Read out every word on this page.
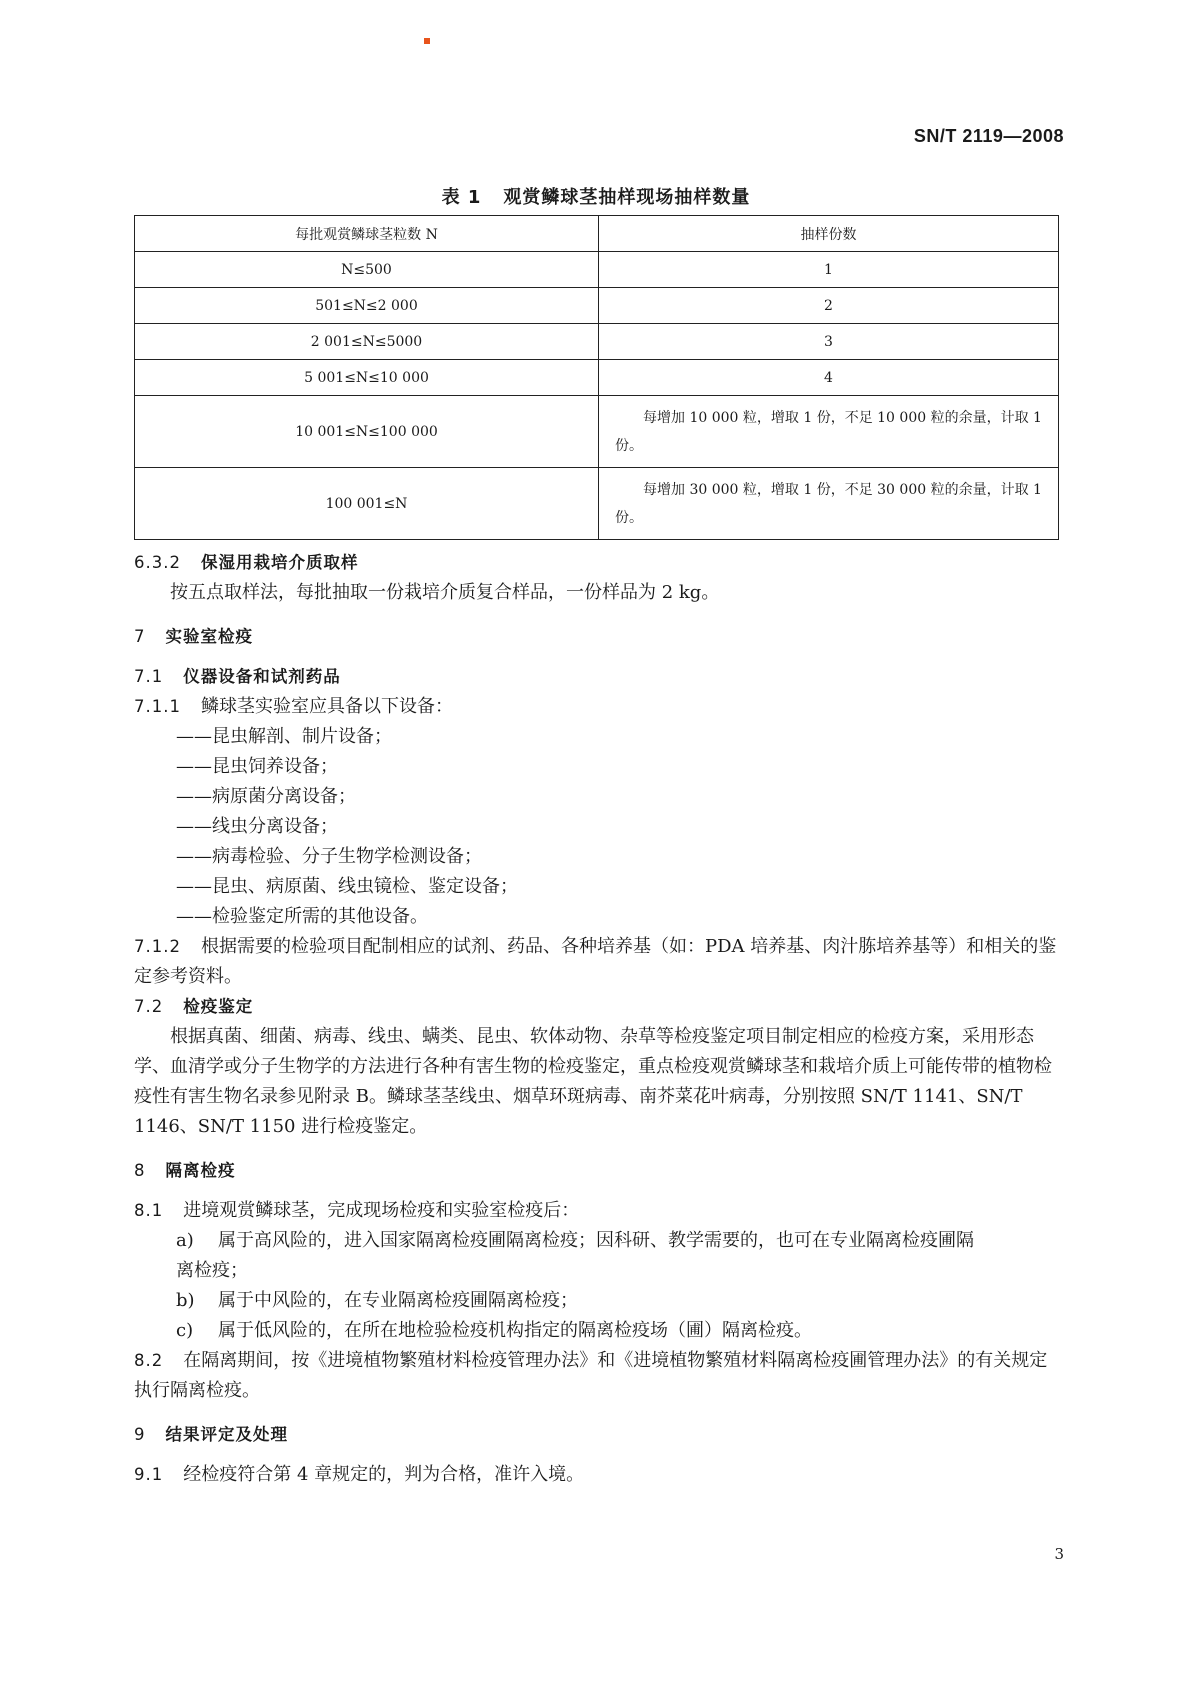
SN/T 2119—2008
表 1 观赏鳞球茎抽样现场抽样数量
每批观赏鳞球茎粒数 N	抽样份数
N≤500	1
501≤N≤2 000	2
2 001≤N≤5000	3
5 001≤N≤10 000	4
10 001≤N≤100 000	每增加 10 000 粒，增取 1 份，不足 10 000 粒的余量，计取 1 份。
100 001≤N	每增加 30 000 粒，增取 1 份，不足 30 000 粒的余量，计取 1 份。

6.3.2 保湿用栽培介质取样

按五点取样法，每批抽取一份栽培介质复合样品，一份样品为 2 kg。

7 实验室检疫

7.1 仪器设备和试剂药品

7.1.1 鳞球茎实验室应具备以下设备：

——昆虫解剖、制片设备；

——昆虫饲养设备；

——病原菌分离设备；

——线虫分离设备；

——病毒检验、分子生物学检测设备；

——昆虫、病原菌、线虫镜检、鉴定设备；

——检验鉴定所需的其他设备。

7.1.2 根据需要的检验项目配制相应的试剂、药品、各种培养基（如：PDA 培养基、肉汁胨培养基等）和相关的鉴定参考资料。

7.2 检疫鉴定

根据真菌、细菌、病毒、线虫、螨类、昆虫、软体动物、杂草等检疫鉴定项目制定相应的检疫方案，采用形态学、血清学或分子生物学的方法进行各种有害生物的检疫鉴定，重点检疫观赏鳞球茎和栽培介质上可能传带的植物检疫性有害生物名录参见附录 B。鳞球茎茎线虫、烟草环斑病毒、南芥菜花叶病毒，分别按照 SN/T 1141、SN/T 1146、SN/T 1150 进行检疫鉴定。

8 隔离检疫

8.1 进境观赏鳞球茎，完成现场检疫和实验室检疫后：

a) 属于高风险的，进入国家隔离检疫圃隔离检疫；因科研、教学需要的，也可在专业隔离检疫圃隔

离检疫；

b) 属于中风险的，在专业隔离检疫圃隔离检疫；

c) 属于低风险的，在所在地检验检疫机构指定的隔离检疫场（圃）隔离检疫。

8.2 在隔离期间，按《进境植物繁殖材料检疫管理办法》和《进境植物繁殖材料隔离检疫圃管理办法》的有关规定执行隔离检疫。

9 结果评定及处理

9.1 经检疫符合第 4 章规定的，判为合格，准许入境。

3
